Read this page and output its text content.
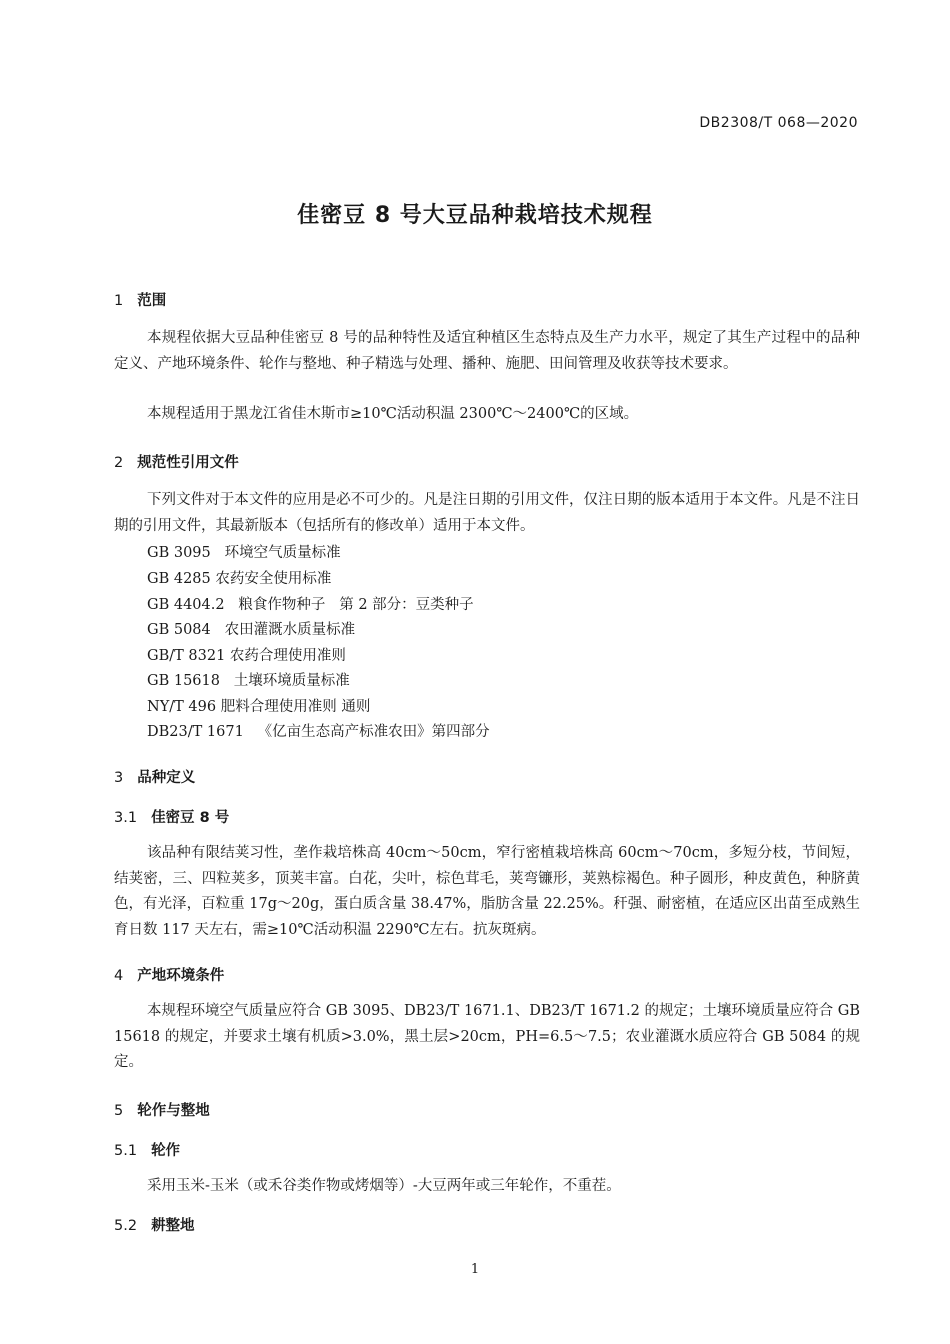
DB2308/T 068—2020
佳密豆 8 号大豆品种栽培技术规程
1 范围
本规程依据大豆品种佳密豆 8 号的品种特性及适宜种植区生态特点及生产力水平，规定了其生产过程中的品种定义、产地环境条件、轮作与整地、种子精选与处理、播种、施肥、田间管理及收获等技术要求。
本规程适用于黑龙江省佳木斯市≥10℃活动积温 2300℃～2400℃的区域。
2 规范性引用文件
下列文件对于本文件的应用是必不可少的。凡是注日期的引用文件，仅注日期的版本适用于本文件。凡是不注日期的引用文件，其最新版本（包括所有的修改单）适用于本文件。
GB 3095   环境空气质量标准
GB 4285 农药安全使用标准
GB 4404.2   粮食作物种子   第 2 部分：豆类种子
GB 5084   农田灌溉水质量标准
GB/T 8321 农药合理使用准则
GB 15618   土壤环境质量标准
NY/T 496 肥料合理使用准则 通则
DB23/T 1671   《亿亩生态高产标准农田》第四部分
3 品种定义
3.1 佳密豆 8 号
该品种有限结荚习性，垄作栽培株高 40cm～50cm，窄行密植栽培株高 60cm～70cm，多短分枝，节间短，结荚密，三、四粒荚多，顶荚丰富。白花，尖叶，棕色茸毛，荚弯镰形，荚熟棕褐色。种子圆形，种皮黄色，种脐黄色，有光泽，百粒重 17g～20g，蛋白质含量 38.47%，脂肪含量 22.25%。秆强、耐密植，在适应区出苗至成熟生育日数 117 天左右，需≥10℃活动积温 2290℃左右。抗灰斑病。
4 产地环境条件
本规程环境空气质量应符合 GB 3095、DB23/T 1671.1、DB23/T 1671.2 的规定；土壤环境质量应符合 GB 15618 的规定，并要求土壤有机质>3.0%，黑土层>20cm，PH=6.5～7.5；农业灌溉水质应符合 GB 5084 的规定。
5 轮作与整地
5.1 轮作
采用玉米-玉米（或禾谷类作物或烤烟等）-大豆两年或三年轮作，不重茬。
5.2 耕整地
1
